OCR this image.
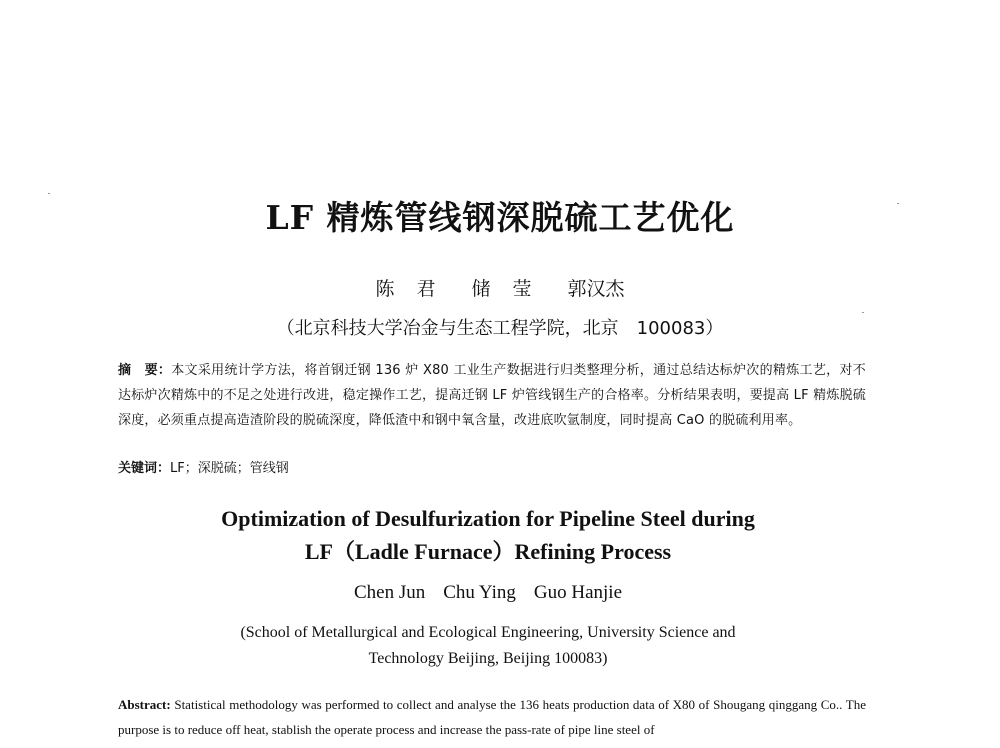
LF 精炼管线钢深脱硫工艺优化
陈 君 储 莹 郭汉杰
（北京科技大学冶金与生态工程学院，北京　100083）
摘　要：本文采用统计学方法，将首钢迁钢 136 炉 X80 工业生产数据进行归类整理分析，通过总结达标炉次的精炼工艺，对不达标炉次精炼中的不足之处进行改进，稳定操作工艺，提高迁钢 LF 炉管线钢生产的合格率。分析结果表明，要提高 LF 精炼脱硫深度，必须重点提高造渣阶段的脱硫深度，降低渣中和钢中氧含量，改进底吹氩制度，同时提高 CaO 的脱硫利用率。
关键词：LF；深脱硫；管线钢
Optimization of Desulfurization for Pipeline Steel during
LF（Ladle Furnace）Refining Process
Chen Jun Chu Ying Guo Hanjie
(School of Metallurgical and Ecological Engineering, University Science and
Technology Beijing, Beijing 100083)
Abstract: Statistical methodology was performed to collect and analyse the 136 heats production data of X80 of Shougang qinggang Co.. The purpose is to reduce off heat, stablish the operate process and increase the pass-rate of pipe line steel of
